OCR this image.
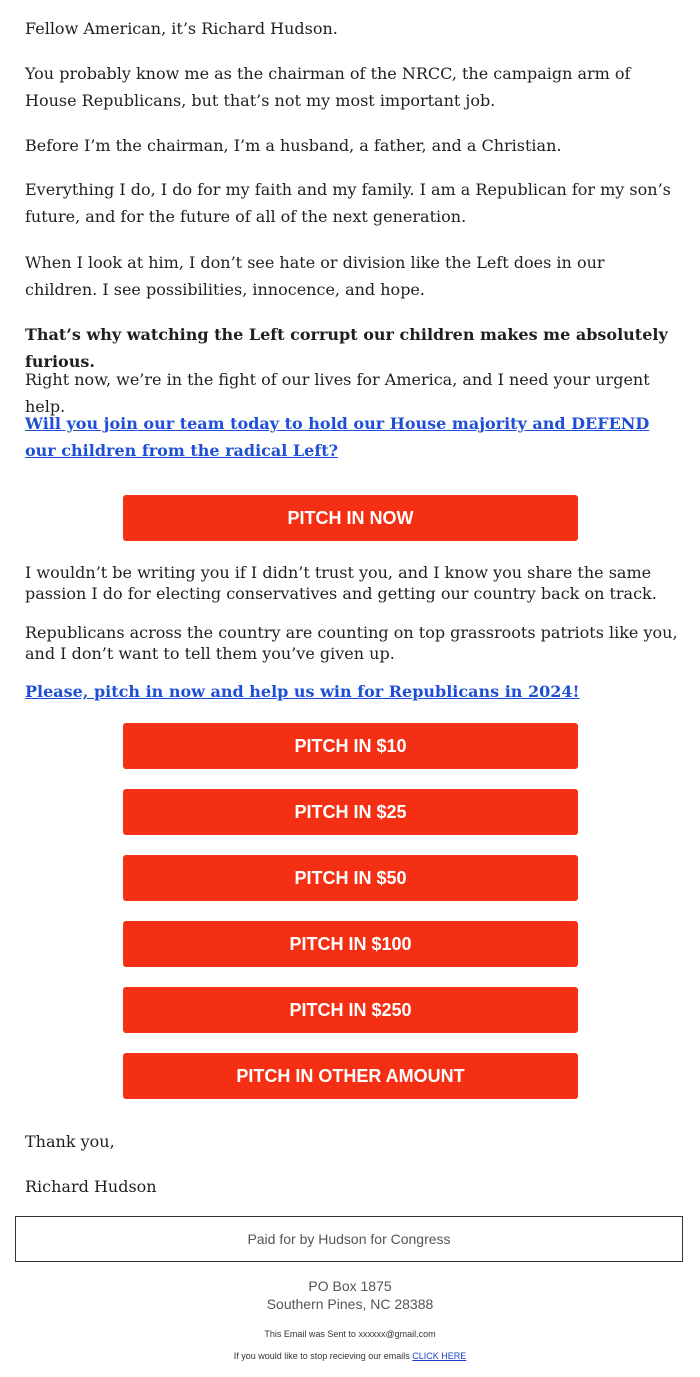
Fellow American, it’s Richard Hudson.

You probably know me as the chairman of the NRCC, the campaign arm of House Republicans, but that’s not my most important job.

Before I’m the chairman, I’m a husband, a father, and a Christian.

Everything I do, I do for my faith and my family. I am a Republican for my son’s future, and for the future of all of the next generation.

When I look at him, I don’t see hate or division like the Left does in our children. I see possibilities, innocence, and hope.

That’s why watching the Left corrupt our children makes me absolutely furious.

Right now, we’re in the fight of our lives for America, and I need your urgent help.

Will you join our team today to hold our House majority and DEFEND our children from the radical Left?

PITCH IN NOW

I wouldn’t be writing you if I didn’t trust you, and I know you share the same passion I do for electing conservatives and getting our country back on track.

Republicans across the country are counting on top grassroots patriots like you, and I don’t want to tell them you’ve given up.

Please, pitch in now and help us win for Republicans in 2024!

PITCH IN $10
PITCH IN $25
PITCH IN $50
PITCH IN $100
PITCH IN $250
PITCH IN OTHER AMOUNT

Thank you,

Richard Hudson

Paid for by Hudson for Congress
PO Box 1875
Southern Pines, NC 28388
This Email was Sent to xxxxxx@gmail.com
If you would like to stop recieving our emails CLICK HERE
